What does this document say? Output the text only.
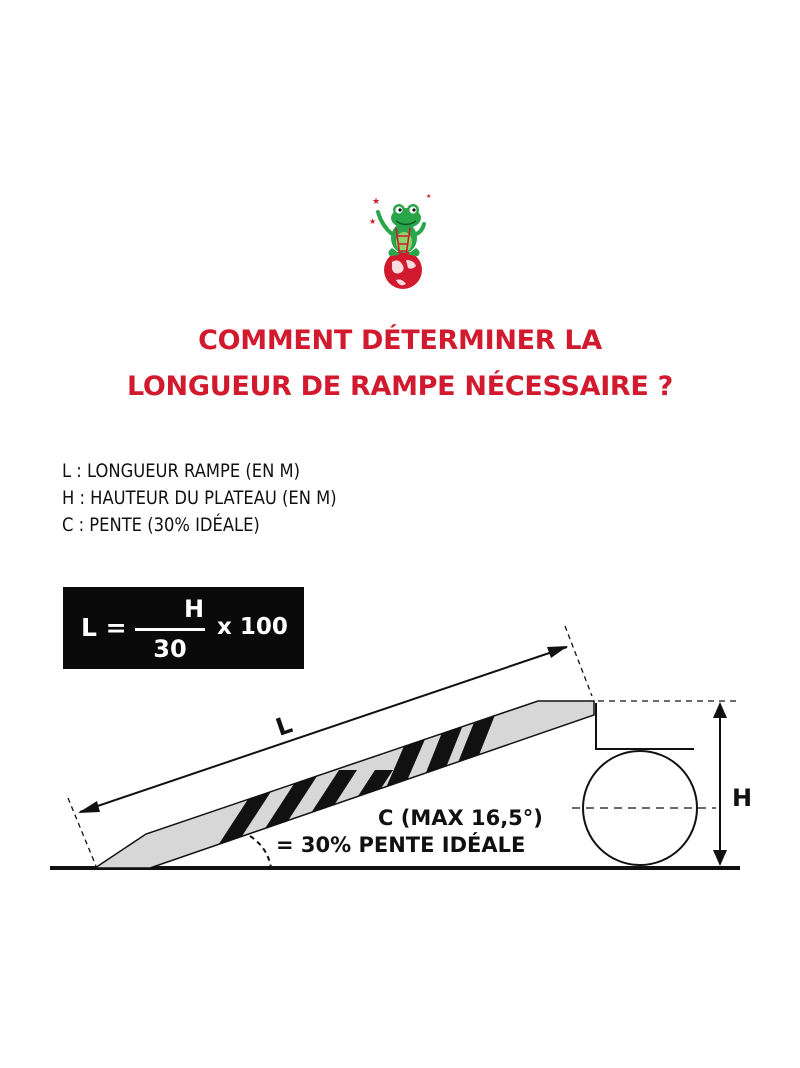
★
★
★
COMMENT DÉTERMINER LA
LONGUEUR DE RAMPE NÉCESSAIRE ?
L : LONGUEUR RAMPE (EN M)
H : HAUTEUR DU PLATEAU (EN M)
C : PENTE (30% IDÉALE)
L =
H
30
x 100
L
H
C (MAX 16,5°)
= 30% PENTE IDÉALE
